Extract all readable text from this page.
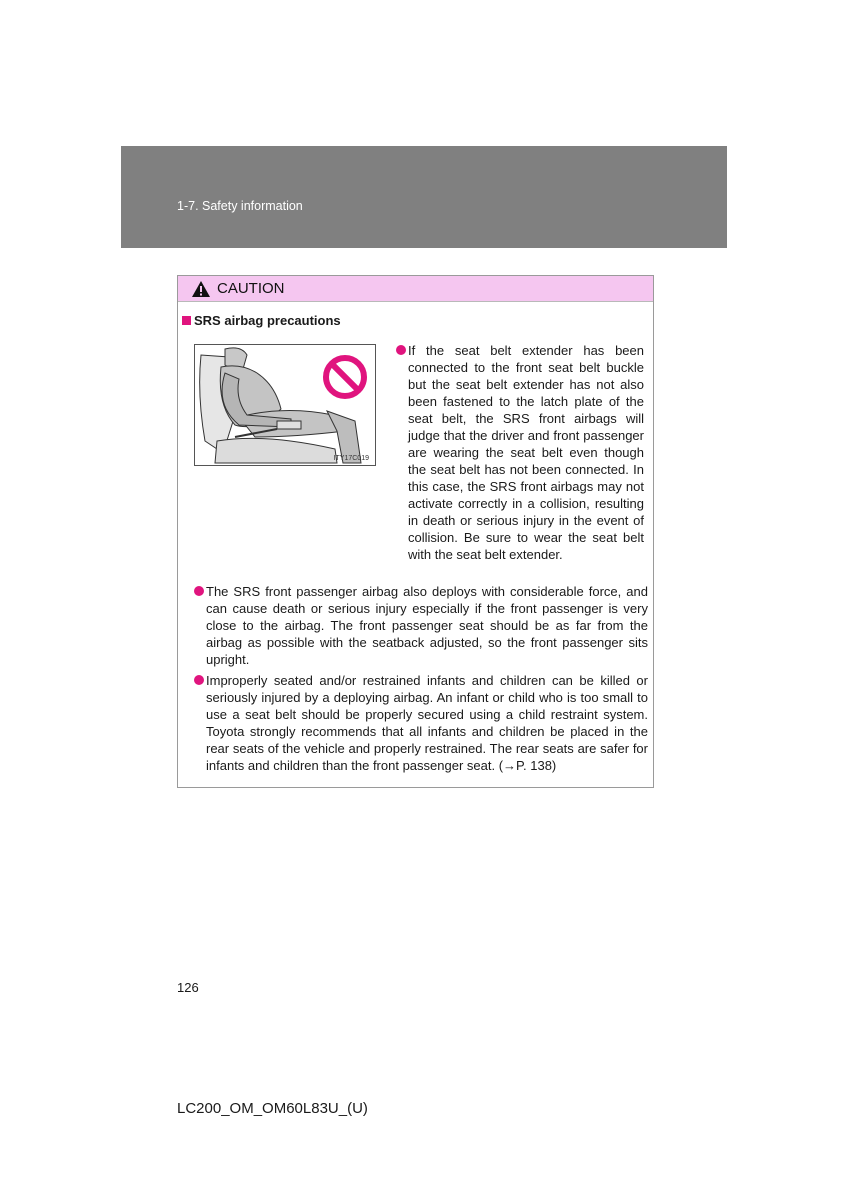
1-7. Safety information
CAUTION
SRS airbag precautions
ITY17C019

If the seat belt extender has been connected to the front seat belt buckle but the seat belt extender has not also been fastened to the latch plate of the seat belt, the SRS front airbags will judge that the driver and front passenger are wearing the seat belt even though the seat belt has not been connected. In this case, the SRS front airbags may not activate correctly in a collision, resulting in death or serious injury in the event of collision. Be sure to wear the seat belt with the seat belt extender.

The SRS front passenger airbag also deploys with considerable force, and can cause death or serious injury especially if the front passenger is very close to the airbag. The front passenger seat should be as far from the airbag as possible with the seatback adjusted, so the front passenger sits upright.

Improperly seated and/or restrained infants and children can be killed or seriously injured by a deploying airbag. An infant or child who is too small to use a seat belt should be properly secured using a child restraint system. Toyota strongly recommends that all infants and children be placed in the rear seats of the vehicle and properly restrained. The rear seats are safer for infants and children than the front passenger seat. (→P. 138)

126
LC200_OM_OM60L83U_(U)
